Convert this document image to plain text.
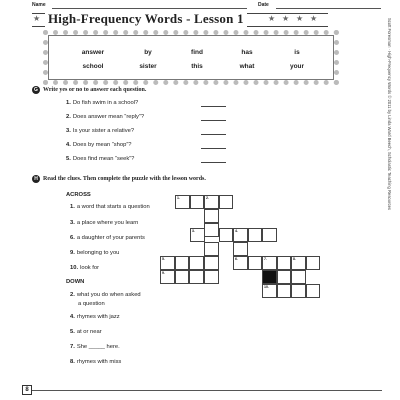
Name	Date
★ High-Frequency Words - Lesson 1	★ ★ ★ ★
answer	by	find	has	is
school	sister	this	what	your
G Write yes or no to answer each question.
1. Do fish swim in a school?
2. Does answer mean “reply”?
3. Is your sister a relative?
4. Does by mean “shop”?
5. Does find mean “seek”?
H Read the clues. Then complete the puzzle with the lesson words.
ACROSS
1. a word that starts a question
3. a place where you learn
6. a daughter of your parents
9. belonging to you
10. look for
DOWN
2. what you do when asked
a question
4. rhymes with jazz
5. at or near
7. She _____ here.
8. rhymes with miss
1.	2.
3.	4.
5.	6.	7.	8.
9.
10.
Scott Foresman · High-Frequency Words © 2011 by Linda Ward Beech, Scholastic Teaching Resources
8
